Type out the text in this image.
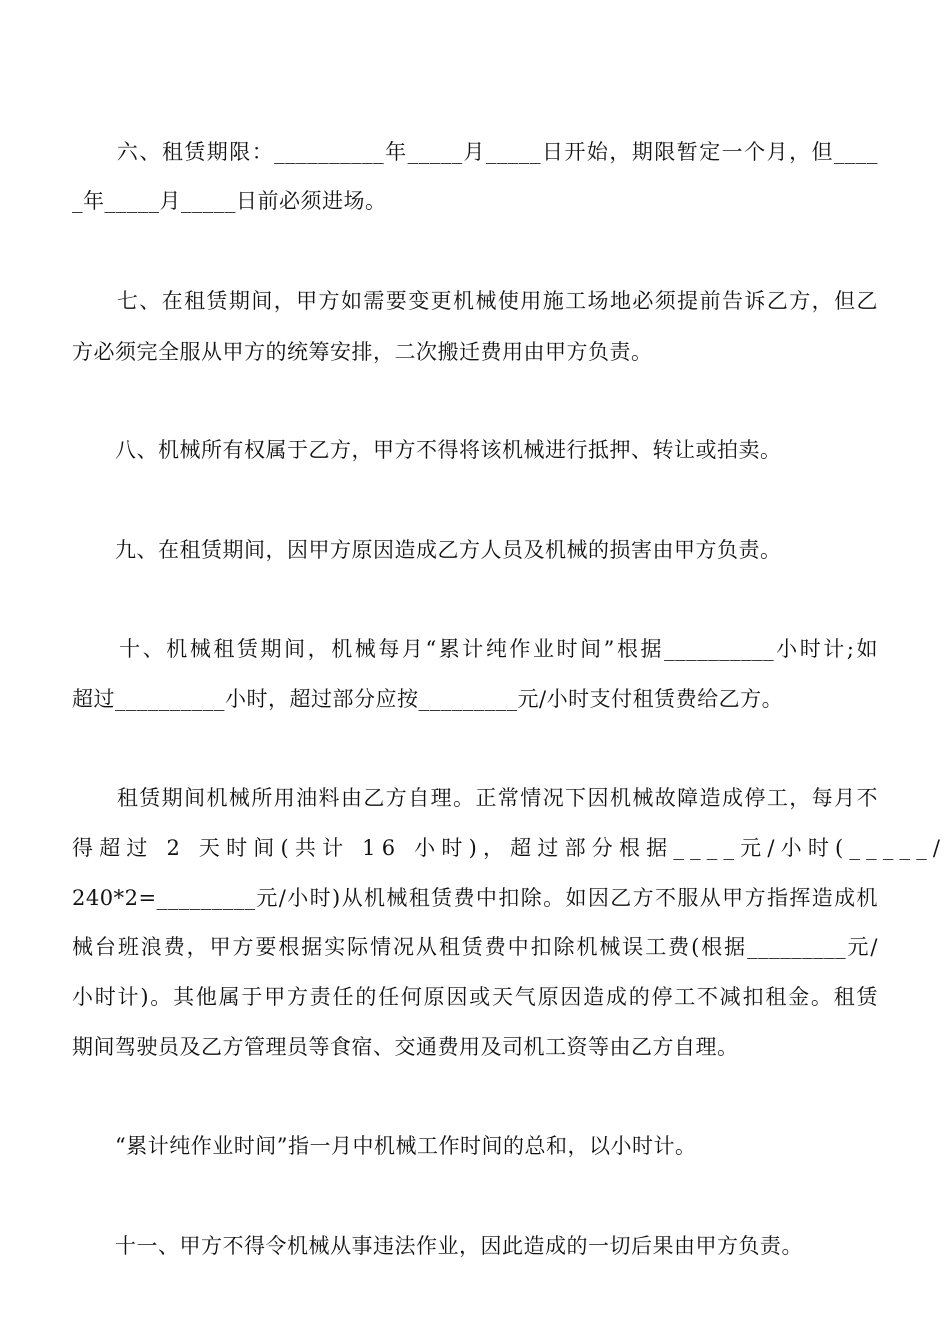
　　六、租赁期限：__________年_____月_____日开始，期限暂定一个月，但____
_年_____月_____日前必须进场。
　　七、在租赁期间，甲方如需要变更机械使用施工场地必须提前告诉乙方，但乙
方必须完全服从甲方的统筹安排，二次搬迁费用由甲方负责。
　　八、机械所有权属于乙方，甲方不得将该机械进行抵押、转让或拍卖。
　　九、在租赁期间，因甲方原因造成乙方人员及机械的损害由甲方负责。
　　十、机械租赁期间，机械每月“累计纯作业时间”根据__________小时计;如
超过__________小时，超过部分应按_________元/小时支付租赁费给乙方。
　　租赁期间机械所用油料由乙方自理。正常情况下因机械故障造成停工，每月不
得超过 2 天时间(共计 16 小时)，超过部分根据____元/小时(_____/
240*2=_________元/小时)从机械租赁费中扣除。如因乙方不服从甲方指挥造成机
械台班浪费，甲方要根据实际情况从租赁费中扣除机械误工费(根据_________元/
小时计)。其他属于甲方责任的任何原因或天气原因造成的停工不减扣租金。租赁
期间驾驶员及乙方管理员等食宿、交通费用及司机工资等由乙方自理。
　　“累计纯作业时间”指一月中机械工作时间的总和，以小时计。
　　十一、甲方不得令机械从事违法作业，因此造成的一切后果由甲方负责。
